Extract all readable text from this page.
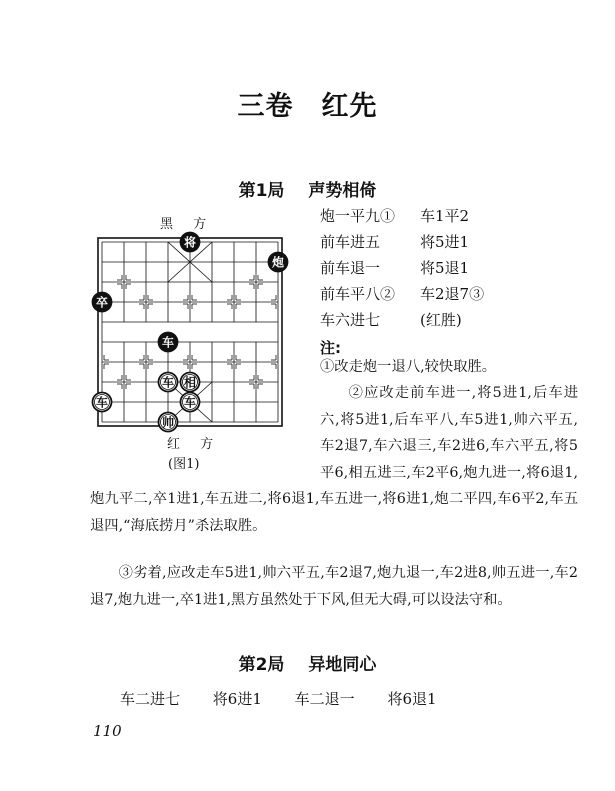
三卷　红先
第1局 声势相倚
黑 方
将
炮
卒
车
车 相
车	车
帅
红 方
(图1)
炮一平九① 车1平2
前车进五	将5进1
前车退一	将5退1
前车平八② 车2退7③
车六进七	(红胜)
注:

①改走炮一退八,较快取胜。

②应改走前车进一,将5进1,后车进六,将5进1,后车平八,车5进1,帅六平五,车2退7,车六退三,车2进6,车六平五,将5平6,相五进三,车2平6,炮九进一,将6退1,炮九平二,卒1进1,车五进二,将6退1,车五进一,将6进1,炮二平四,车6平2,车五退四,“海底捞月”杀法取胜。

③劣着,应改走车5进1,帅六平五,车2退7,炮九退一,车2进8,帅五进一,车2退7,炮九进一,卒1进1,黑方虽然处于下风,但无大碍,可以设法守和。

第2局 异地同心
车二进七 将6进1 车二退一 将6退1
110
